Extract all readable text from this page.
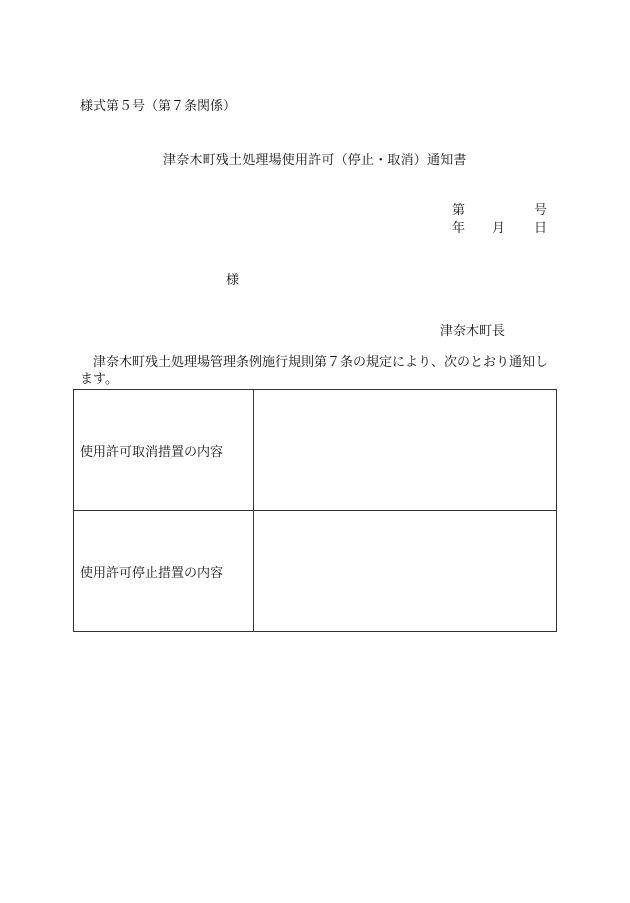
様式第５号（第７条関係）
津奈木町残土処理場使用許可（停止・取消）通知書
第	号
年 月 日
様
津奈木町長
津奈木町残土処理場管理条例施行規則第７条の規定により、次のとおり通知します。
使用許可取消措置の内容	
使用許可停止措置の内容	
